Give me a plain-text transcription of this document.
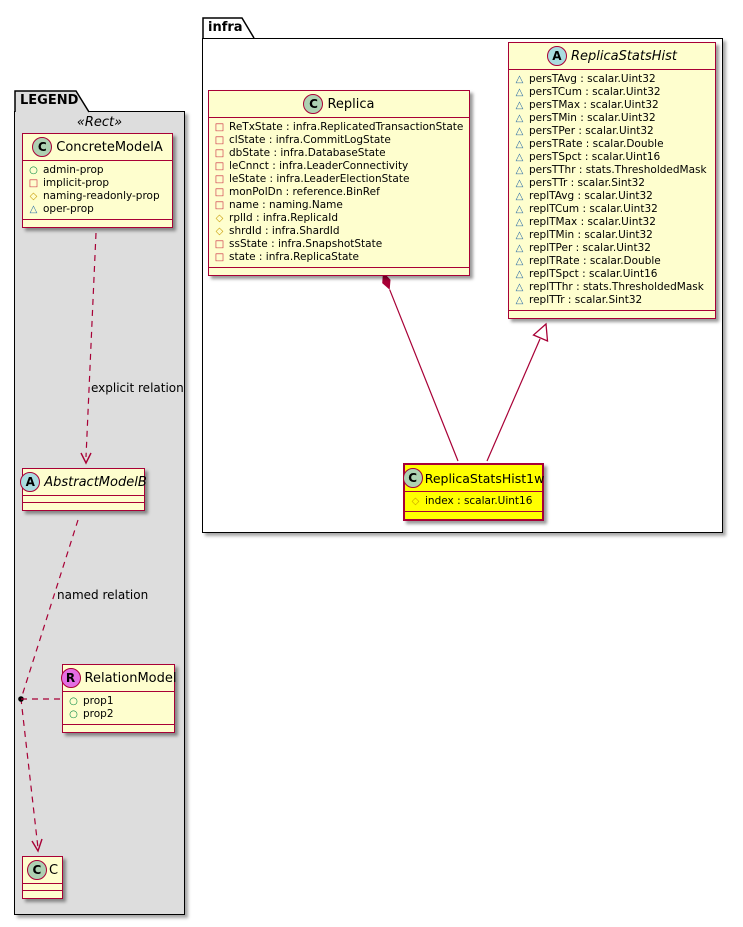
LEGEND
«Rect»
infra
explicit relation
named relation
C ConcreteModelA
○
admin-prop
□
implicit-prop
◇
naming-readonly-prop
△
oper-prop
A AbstractModelB
R RelationModel
○
prop1
○
prop2
C C
C Replica
□
ReTxState : infra.ReplicatedTransactionState
□
clState : infra.CommitLogState
□
dbState : infra.DatabaseState
□
leCnnct : infra.LeaderConnectivity
□
leState : infra.LeaderElectionState
□
monPolDn : reference.BinRef
□
name : naming.Name
◇
rplId : infra.ReplicaId
◇
shrdId : infra.ShardId
□
ssState : infra.SnapshotState
□
state : infra.ReplicaState
A ReplicaStatsHist
△
persTAvg : scalar.Uint32
△
persTCum : scalar.Uint32
△
persTMax : scalar.Uint32
△
persTMin : scalar.Uint32
△
persTPer : scalar.Uint32
△
persTRate : scalar.Double
△
persTSpct : scalar.Uint16
△
persTThr : stats.ThresholdedMask
△
persTTr : scalar.Sint32
△
replTAvg : scalar.Uint32
△
replTCum : scalar.Uint32
△
replTMax : scalar.Uint32
△
replTMin : scalar.Uint32
△
replTPer : scalar.Uint32
△
replTRate : scalar.Double
△
replTSpct : scalar.Uint16
△
replTThr : stats.ThresholdedMask
△
replTTr : scalar.Sint32
C ReplicaStatsHist1w
◇
index : scalar.Uint16
